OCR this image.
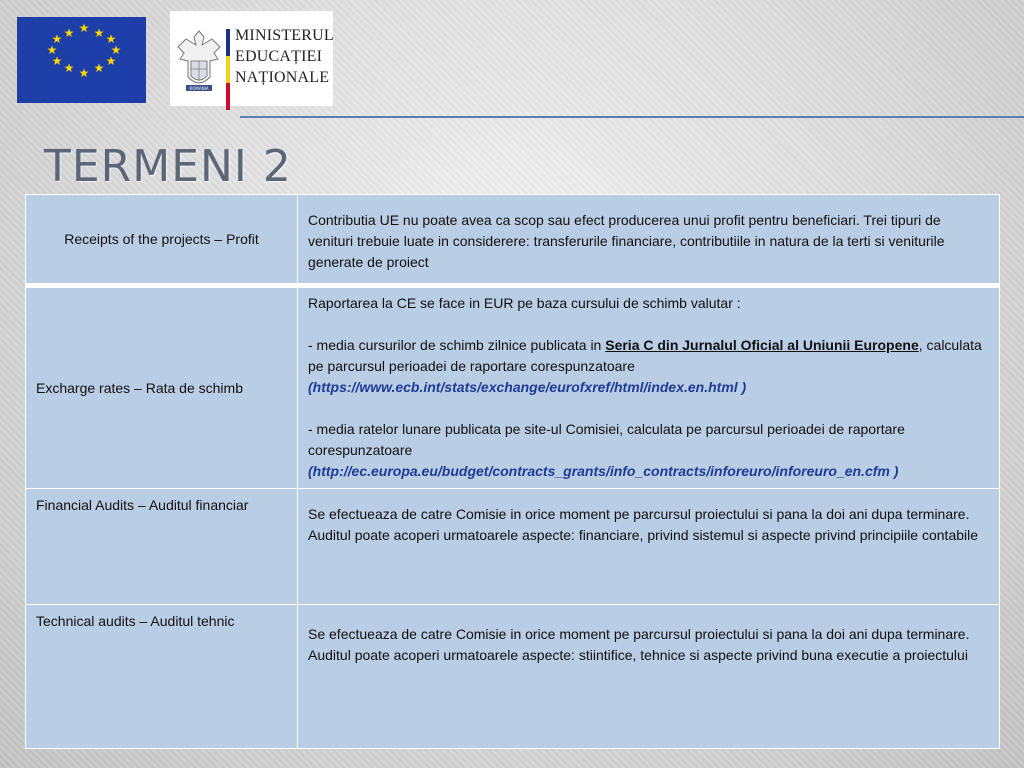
★ ★
★
★
★
★
★
★
★
★ ★ ★
ROMANIA
MINISTERUL
EDUCAȚIEI
NAȚIONALE
TERMENI 2
Receipts of the projects – Profit	Contributia UE nu poate avea ca scop sau efect producerea unui profit pentru beneficiari. Trei tipuri de venituri trebuie luate in considerere: transferurile financiare, contributiile in natura de la terti si veniturile generate de proiect
Excharge rates – Rata de schimb	Raportarea la CE se face in EUR pe baza cursului de schimb valutar :
- media cursurilor de schimb zilnice publicata in Seria C din Jurnalul Oficial al Uniunii Europene, calculata pe parcursul perioadei de raportare corespunzatoare
(https://www.ecb.int/stats/exchange/eurofxref/html/index.en.html )
- media ratelor lunare publicata pe site-ul Comisiei, calculata pe parcursul perioadei de raportare corespunzatoare
(http://ec.europa.eu/budget/contracts_grants/info_contracts/inforeuro/inforeuro_en.cfm )

Financial Audits – Auditul financiar	Se efectueaza de catre Comisie in orice moment pe parcursul proiectului si pana la doi ani dupa terminare.
Auditul poate acoperi urmatoarele aspecte: financiare, privind sistemul si aspecte privind principiile contabile

Technical audits – Auditul tehnic	Se efectueaza de catre Comisie in orice moment pe parcursul proiectului si pana la doi ani dupa terminare.
Auditul poate acoperi urmatoarele aspecte: stiintifice, tehnice si aspecte privind buna executie a proiectului
